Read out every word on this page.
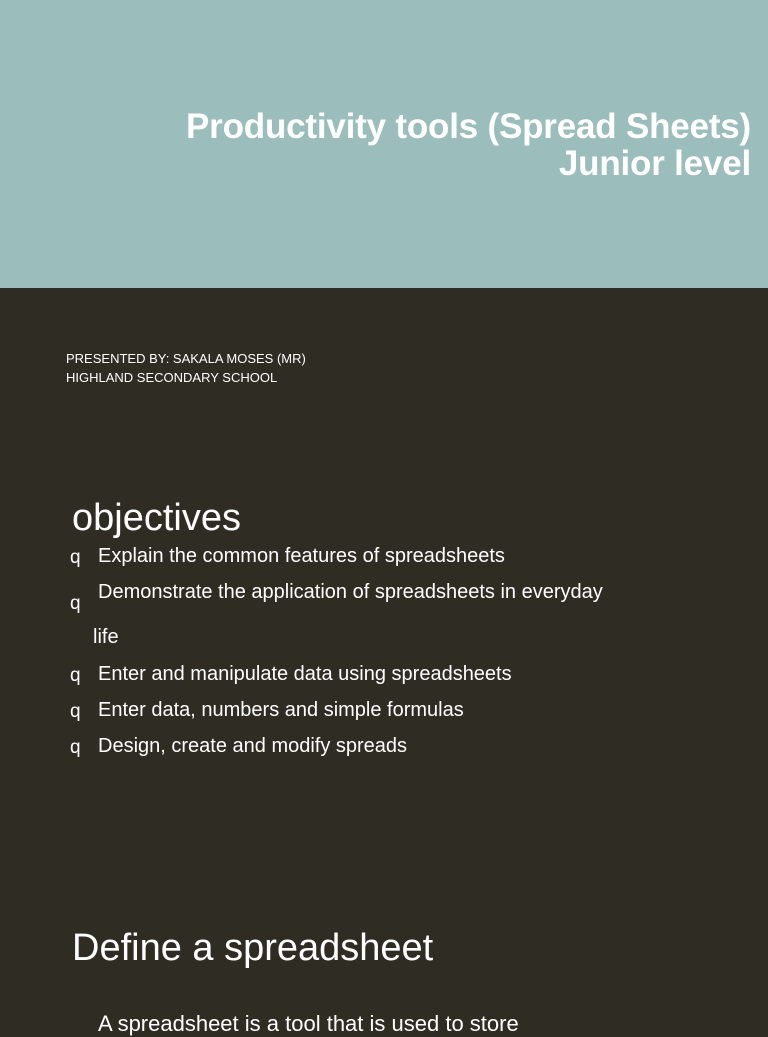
Productivity tools (Spread Sheets)
Junior level
PRESENTED BY: SAKALA MOSES (MR)
HIGHLAND SECONDARY SCHOOL
objectives
q Explain the common features of spreadsheets
q
Demonstrate the application of spreadsheets in everyday
life
q Enter and manipulate data using spreadsheets
q Enter data, numbers and simple formulas
q Design, create and modify spreads
Define a spreadsheet
A spreadsheet is a tool that is used to store
